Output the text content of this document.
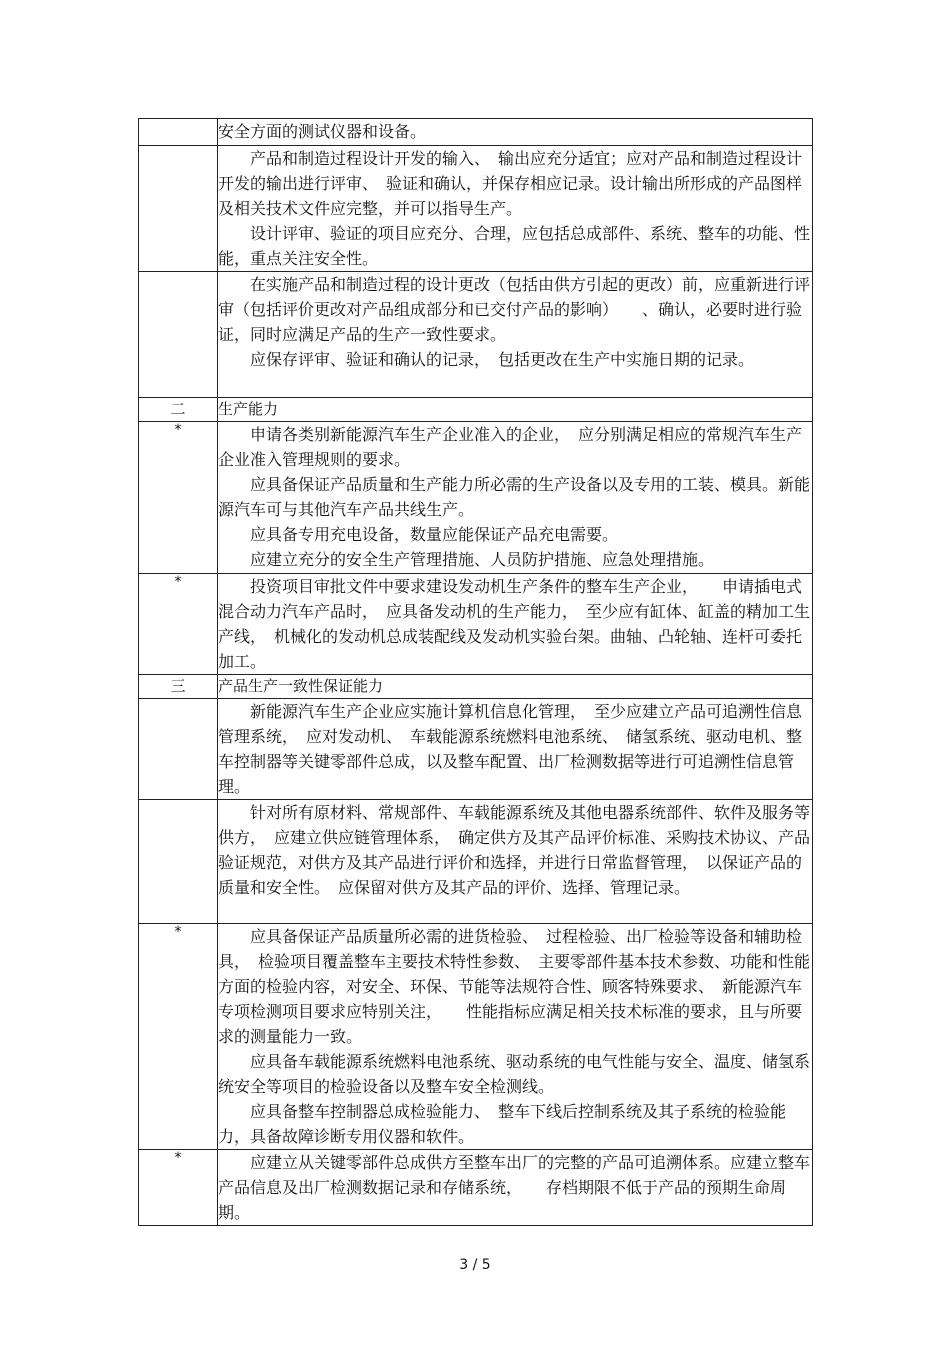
	安全方面的测试仪器和设备。

	产品和制造过程设计开发的输入、　输出应充分适宜；应对产品和制造过程设计开发的输出进行评审、　验证和确认，并保存相应记录。设计输出所形成的产品图样及相关技术文件应完整，并可以指导生产。
设计评审、验证的项目应充分、合理，应包括总成部件、系统、整车的功能、性能，重点关注安全性。

	在实施产品和制造过程的设计更改（包括由供方引起的更改）前，应重新进行评审（包括评价更改对产品组成部分和已交付产品的影响）　　、确认，必要时进行验证，同时应满足产品的生产一致性要求。
应保存评审、验证和确认的记录，　包括更改在生产中实施日期的记录。

二	生产能力

*	申请各类别新能源汽车生产企业准入的企业，　应分别满足相应的常规汽车生产企业准入管理规则的要求。
应具备保证产品质量和生产能力所必需的生产设备以及专用的工装、模具。新能源汽车可与其他汽车产品共线生产。
应具备专用充电设备，数量应能保证产品充电需要。
应建立充分的安全生产管理措施、人员防护措施、应急处理措施。

*	投资项目审批文件中要求建设发动机生产条件的整车生产企业，　　申请插电式混合动力汽车产品时，　应具备发动机的生产能力，　至少应有缸体、缸盖的精加工生产线，　机械化的发动机总成装配线及发动机实验台架。曲轴、凸轮轴、连杆可委托加工。

三	产品生产一致性保证能力

	新能源汽车生产企业应实施计算机信息化管理，　至少应建立产品可追溯性信息管理系统，　应对发动机、　车载能源系统燃料电池系统、　储氢系统、驱动电机、整车控制器等关键零部件总成，以及整车配置、出厂检测数据等进行可追溯性信息管理。

	针对所有原材料、常规部件、车载能源系统及其他电器系统部件、软件及服务等供方，　应建立供应链管理体系，　确定供方及其产品评价标准、采购技术协议、产品验证规范，对供方及其产品进行评价和选择，并进行日常监督管理，　以保证产品的质量和安全性。　应保留对供方及其产品的评价、选择、管理记录。

*	应具备保证产品质量所必需的进货检验、　过程检验、出厂检验等设备和辅助检具，　检验项目覆盖整车主要技术特性参数、　主要零部件基本技术参数、功能和性能方面的检验内容，对安全、环保、节能等法规符合性、顾客特殊要求、　新能源汽车专项检测项目要求应特别关注，　　性能指标应满足相关技术标准的要求，且与所要求的测量能力一致。
应具备车载能源系统燃料电池系统、驱动系统的电气性能与安全、温度、储氢系统安全等项目的检验设备以及整车安全检测线。
应具备整车控制器总成检验能力、　整车下线后控制系统及其子系统的检验能力，具备故障诊断专用仪器和软件。

*	应建立从关键零部件总成供方至整车出厂的完整的产品可追溯体系。应建立整车产品信息及出厂检测数据记录和存储系统，　　存档期限不低于产品的预期生命周期。
3 / 5
